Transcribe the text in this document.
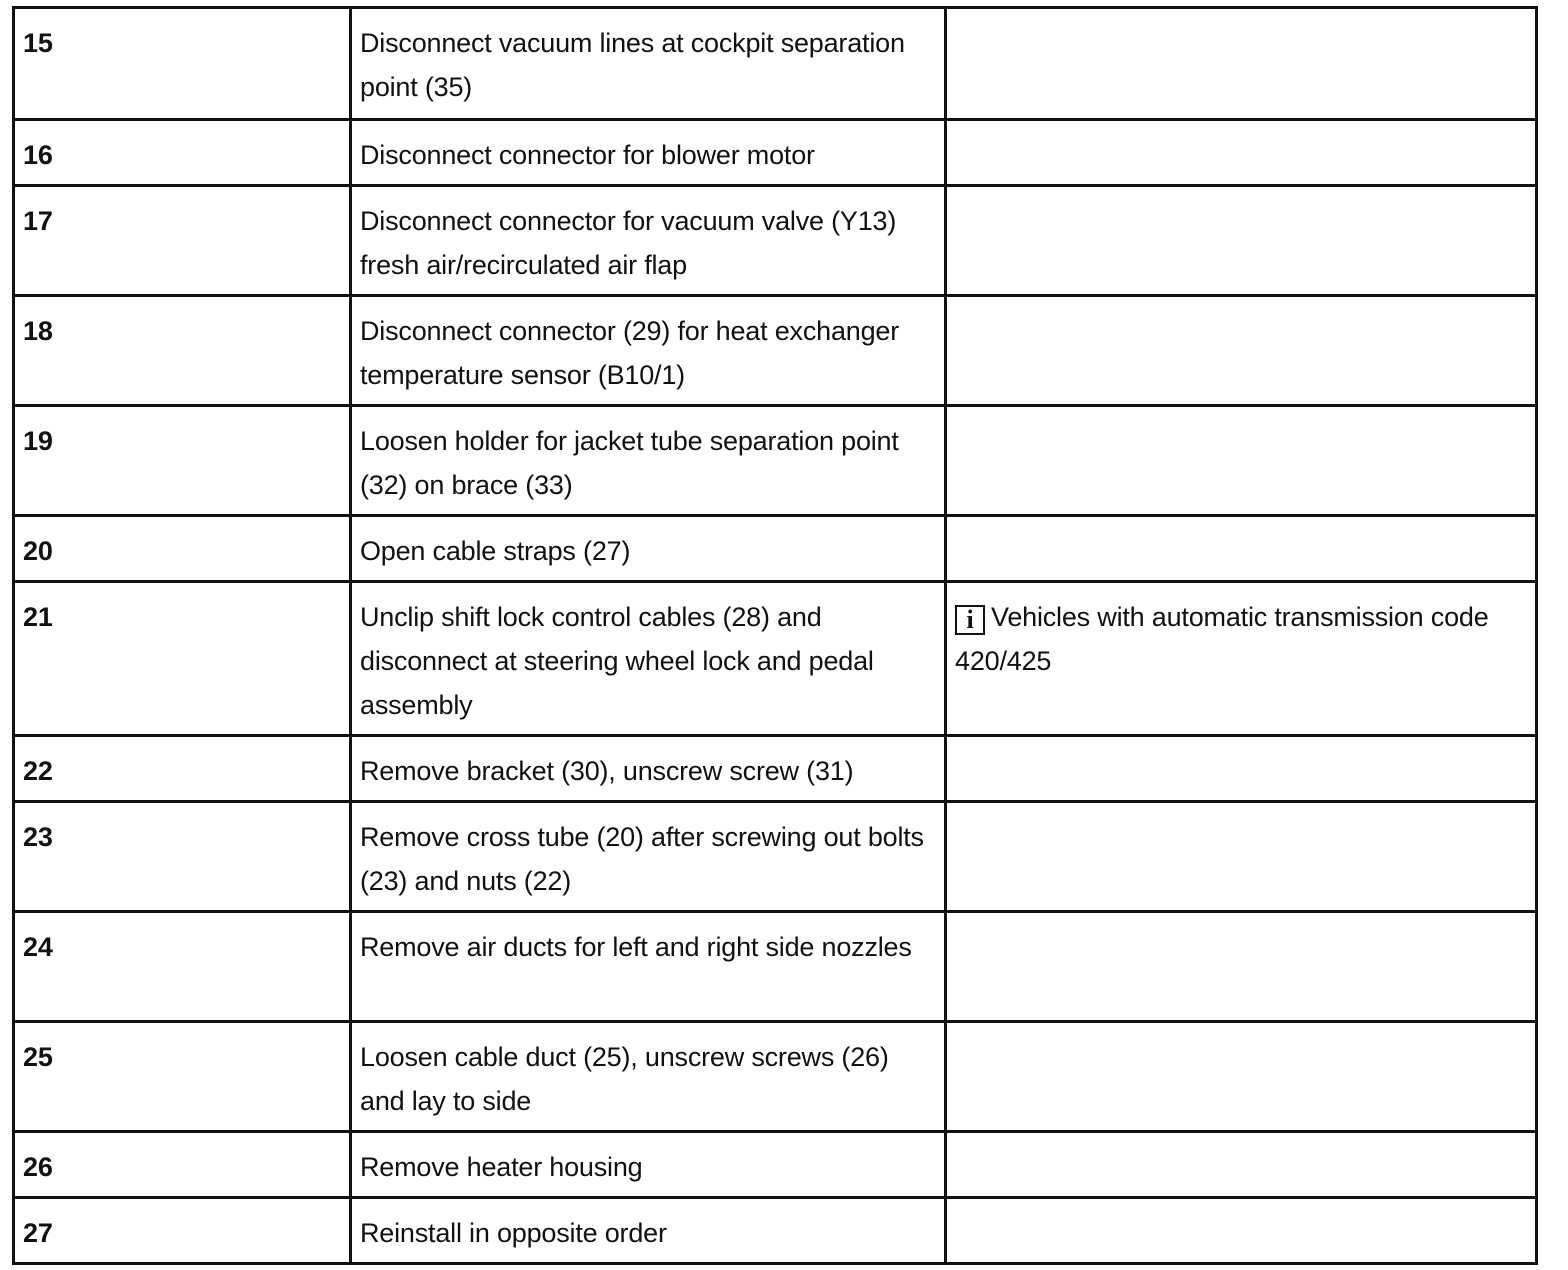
15	Disconnect vacuum lines at cockpit separation point (35)	
16	Disconnect connector for blower motor	
17	Disconnect connector for vacuum valve (Y13) fresh air/recirculated air flap	
18	Disconnect connector (29) for heat exchanger temperature sensor (B10/1)	
19	Loosen holder for jacket tube separation point (32) on brace (33)	
20	Open cable straps (27)	
21	Unclip shift lock control cables (28) and disconnect at steering wheel lock and pedal assembly	i Vehicles with automatic transmission code 420/425
22	Remove bracket (30), unscrew screw (31)	
23	Remove cross tube (20) after screwing out bolts (23) and nuts (22)	
24	Remove air ducts for left and right side nozzles	
25	Loosen cable duct (25), unscrew screws (26) and lay to side	
26	Remove heater housing	
27	Reinstall in opposite order	
